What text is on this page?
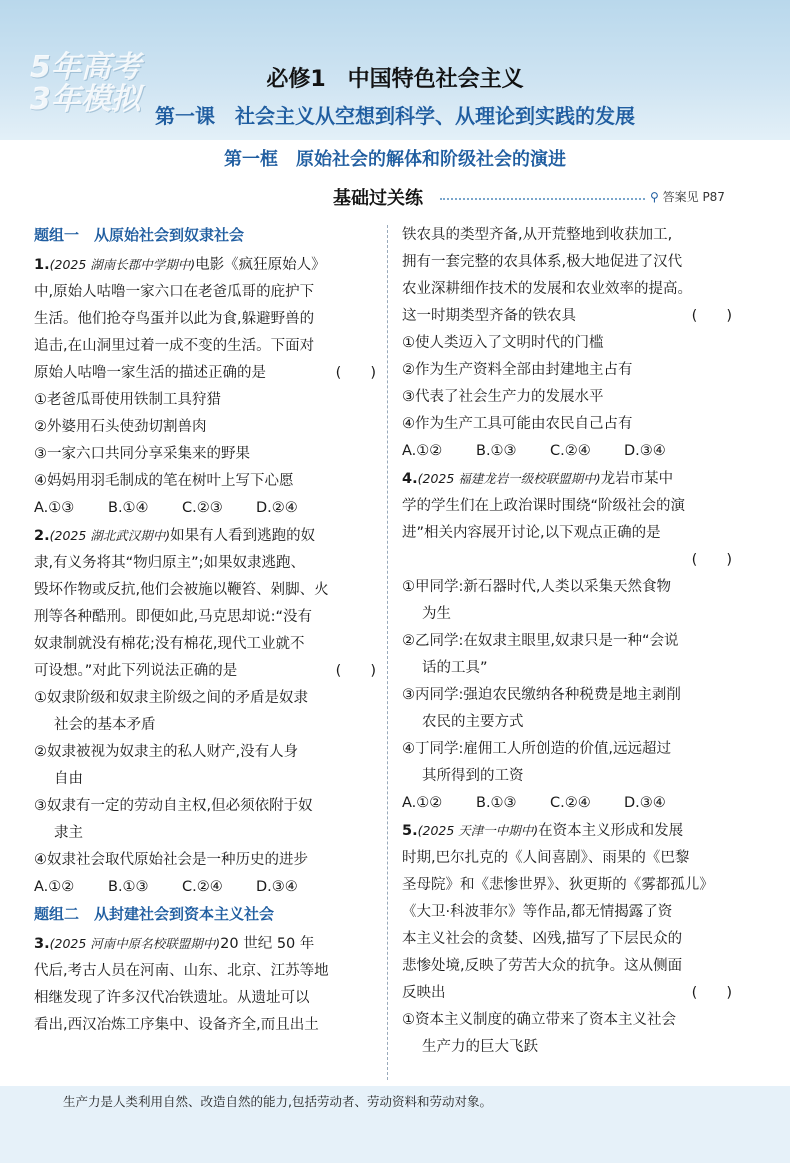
5年高考
3年模拟
必修1　中国特色社会主义
第一课　社会主义从空想到科学、从理论到实践的发展
第一框　原始社会的解体和阶级社会的演进
基础过关练	⚲ 答案见 P87

题组一　从原始社会到奴隶社会

1.(2025 湖南长郡中学期中)电影《疯狂原始人》

中,原始人咕噜一家六口在老爸瓜哥的庇护下

生活。他们抢夺鸟蛋并以此为食,躲避野兽的

追击,在山洞里过着一成不变的生活。下面对

原始人咕噜一家生活的描述正确的是	(　　)

①老爸瓜哥使用铁制工具狩猎

②外婆用石头使劲切割兽肉

③一家六口共同分享采集来的野果

④妈妈用羽毛制成的笔在树叶上写下心愿

A.①③ B.①④ C.②③ D.②④

2.(2025 湖北武汉期中)如果有人看到逃跑的奴

隶,有义务将其“物归原主”;如果奴隶逃跑、

毁坏作物或反抗,他们会被施以鞭笞、剁脚、火

刑等各种酷刑。即便如此,马克思却说:“没有

奴隶制就没有棉花;没有棉花,现代工业就不

可设想。”对此下列说法正确的是	(　　)

①奴隶阶级和奴隶主阶级之间的矛盾是奴隶

社会的基本矛盾

②奴隶被视为奴隶主的私人财产,没有人身

自由

③奴隶有一定的劳动自主权,但必须依附于奴

隶主

④奴隶社会取代原始社会是一种历史的进步

A.①② B.①③ C.②④ D.③④

题组二　从封建社会到资本主义社会

3.(2025 河南中原名校联盟期中)20 世纪 50 年

代后,考古人员在河南、山东、北京、江苏等地

相继发现了许多汉代冶铁遗址。从遗址可以

看出,西汉冶炼工序集中、设备齐全,而且出土

铁农具的类型齐备,从开荒整地到收获加工,

拥有一套完整的农具体系,极大地促进了汉代

农业深耕细作技术的发展和农业效率的提高。

这一时期类型齐备的铁农具	(　　)

①使人类迈入了文明时代的门槛

②作为生产资料全部由封建地主占有

③代表了社会生产力的发展水平

④作为生产工具可能由农民自己占有

A.①② B.①③ C.②④ D.③④

4.(2025 福建龙岩一级校联盟期中)龙岩市某中

学的学生们在上政治课时围绕“阶级社会的演

进”相关内容展开讨论,以下观点正确的是

(　　)

①甲同学:新石器时代,人类以采集天然食物

为生

②乙同学:在奴隶主眼里,奴隶只是一种“会说

话的工具”

③丙同学:强迫农民缴纳各种税费是地主剥削

农民的主要方式

④丁同学:雇佣工人所创造的价值,远远超过

其所得到的工资

A.①② B.①③ C.②④ D.③④

5.(2025 天津一中期中)在资本主义形成和发展

时期,巴尔扎克的《人间喜剧》、雨果的《巴黎

圣母院》和《悲惨世界》、狄更斯的《雾都孤儿》

《大卫·科波菲尔》等作品,都无情揭露了资

本主义社会的贪婪、凶残,描写了下层民众的

悲惨处境,反映了劳苦大众的抗争。这从侧面

反映出	(　　)

①资本主义制度的确立带来了资本主义社会

生产力的巨大飞跃

生产力是人类利用自然、改造自然的能力,包括劳动者、劳动资料和劳动对象。
